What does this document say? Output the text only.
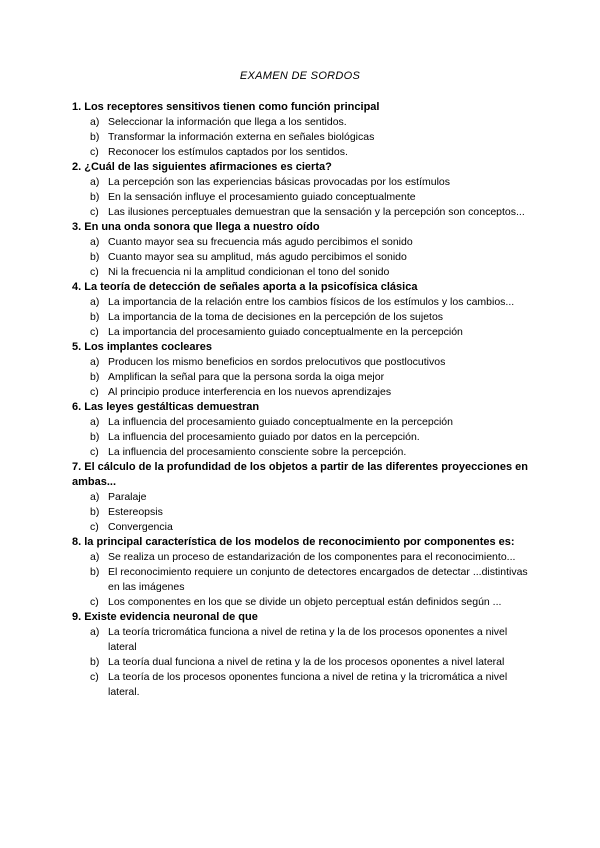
EXAMEN DE SORDOS

1. Los receptores sensitivos tienen como función principal

a) Seleccionar la información que llega a los sentidos.
b) Transformar la información externa en señales biológicas
c) Reconocer los estímulos captados por los sentidos.

2. ¿Cuál de las siguientes afirmaciones es cierta?

a) La percepción son las experiencias básicas provocadas por los estímulos
b) En la sensación influye el procesamiento guiado conceptualmente
c) Las ilusiones perceptuales demuestran que la sensación y la percepción son conceptos...

3. En una onda sonora que llega a nuestro oído

a) Cuanto mayor sea su frecuencia más agudo percibimos el sonido
b) Cuanto mayor sea su amplitud, más agudo percibimos el sonido
c) Ni la frecuencia ni la amplitud condicionan el tono del sonido

4. La teoría de detección de señales aporta a la psicofísica clásica

a) La importancia de la relación entre los cambios físicos de los estímulos y los cambios...
b) La importancia de la toma de decisiones en la percepción de los sujetos
c) La importancia del procesamiento guiado conceptualmente en la percepción

5. Los implantes cocleares

a) Producen los mismo beneficios en sordos prelocutivos que postlocutivos
b) Amplifican la señal para que la persona sorda la oiga mejor
c) Al principio produce interferencia en los nuevos aprendizajes

6. Las leyes gestálticas demuestran

a) La influencia del procesamiento guiado conceptualmente en la percepción
b) La influencia del procesamiento guiado por datos en la percepción.
c) La influencia del procesamiento consciente sobre la percepción.

7. El cálculo de la profundidad de los objetos a partir de las diferentes proyecciones en ambas...

a) Paralaje
b) Estereopsis
c) Convergencia

8. la principal característica de los modelos de reconocimiento por componentes es:

a) Se realiza un proceso de estandarización de los componentes para el reconocimiento...
b) El reconocimiento requiere un conjunto de detectores encargados de detectar ...distintivas en las imágenes
c) Los componentes en los que se divide un objeto perceptual están definidos según ...

9. Existe evidencia neuronal de que

a) La teoría tricromática funciona a nivel de retina y la de los procesos oponentes a nivel lateral
b) La teoría dual funciona a nivel de retina y la de los procesos oponentes a nivel lateral
c) La teoría de los procesos oponentes funciona a nivel de retina y la tricromática a nivel lateral.
